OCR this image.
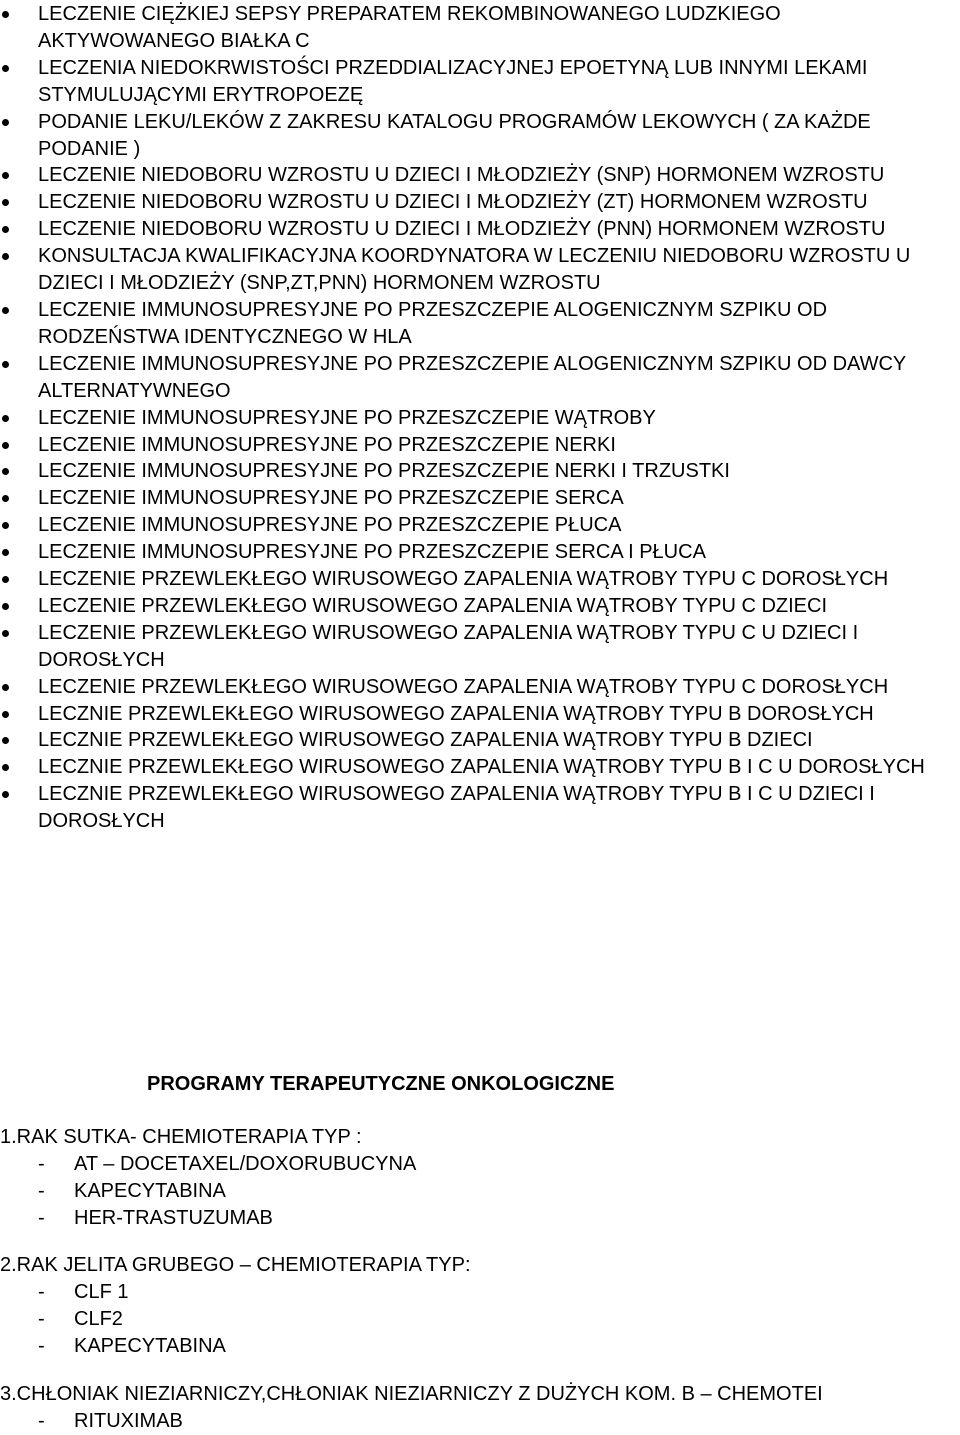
LECZENIE CIĘŻKIEJ SEPSY PREPARATEM REKOMBINOWANEGO LUDZKIEGO AKTYWOWANEGO BIAŁKA C
LECZENIA NIEDOKRWISTOŚCI PRZEDDIALIZACYJNEJ EPOETYNĄ LUB INNYMI LEKAMI STYMULUJĄCYMI ERYTROPOEZĘ
PODANIE LEKU/LEKÓW Z ZAKRESU KATALOGU PROGRAMÓW LEKOWYCH ( ZA KAŻDE PODANIE )
LECZENIE NIEDOBORU WZROSTU U DZIECI I MŁODZIEŻY (SNP) HORMONEM WZROSTU
LECZENIE NIEDOBORU WZROSTU U DZIECI I MŁODZIEŻY (ZT) HORMONEM WZROSTU
LECZENIE NIEDOBORU WZROSTU U DZIECI I MŁODZIEŻY (PNN) HORMONEM WZROSTU
KONSULTACJA KWALIFIKACYJNA KOORDYNATORA W LECZENIU NIEDOBORU WZROSTU U DZIECI I MŁODZIEŻY (SNP,ZT,PNN) HORMONEM WZROSTU
LECZENIE IMMUNOSUPRESYJNE PO PRZESZCZEPIE ALOGENICZNYM SZPIKU OD RODZEŃSTWA IDENTYCZNEGO W HLA
LECZENIE IMMUNOSUPRESYJNE PO PRZESZCZEPIE ALOGENICZNYM SZPIKU OD DAWCY ALTERNATYWNEGO
LECZENIE IMMUNOSUPRESYJNE PO PRZESZCZEPIE WĄTROBY
LECZENIE IMMUNOSUPRESYJNE PO PRZESZCZEPIE NERKI
LECZENIE IMMUNOSUPRESYJNE PO PRZESZCZEPIE NERKI I TRZUSTKI
LECZENIE IMMUNOSUPRESYJNE PO PRZESZCZEPIE SERCA
LECZENIE IMMUNOSUPRESYJNE PO PRZESZCZEPIE PŁUCA
LECZENIE IMMUNOSUPRESYJNE PO PRZESZCZEPIE SERCA I PŁUCA
LECZENIE PRZEWLEKŁEGO WIRUSOWEGO ZAPALENIA WĄTROBY TYPU C DOROSŁYCH
LECZENIE PRZEWLEKŁEGO WIRUSOWEGO ZAPALENIA WĄTROBY TYPU C DZIECI
LECZENIE PRZEWLEKŁEGO WIRUSOWEGO ZAPALENIA WĄTROBY TYPU C U DZIECI I DOROSŁYCH
LECZENIE PRZEWLEKŁEGO WIRUSOWEGO ZAPALENIA WĄTROBY TYPU C DOROSŁYCH
LECZNIE PRZEWLEKŁEGO WIRUSOWEGO ZAPALENIA WĄTROBY TYPU B DOROSŁYCH
LECZNIE PRZEWLEKŁEGO WIRUSOWEGO ZAPALENIA WĄTROBY TYPU B DZIECI
LECZNIE PRZEWLEKŁEGO WIRUSOWEGO ZAPALENIA WĄTROBY TYPU B I C U DOROSŁYCH
LECZNIE PRZEWLEKŁEGO WIRUSOWEGO ZAPALENIA WĄTROBY TYPU B I C U DZIECI I DOROSŁYCH
PROGRAMY TERAPEUTYCZNE ONKOLOGICZNE
1.RAK SUTKA- CHEMIOTERAPIA TYP :
- AT – DOCETAXEL/DOXORUBUCYNA
- KAPECYTABINA
- HER-TRASTUZUMAB
2.RAK JELITA GRUBEGO – CHEMIOTERAPIA TYP:
- CLF 1
- CLF2
- KAPECYTABINA
3.CHŁONIAK NIEZIARNICZY,CHŁONIAK NIEZIARNICZY Z DUŻYCH KOM. B – CHEMOTEI
- RITUXIMAB
